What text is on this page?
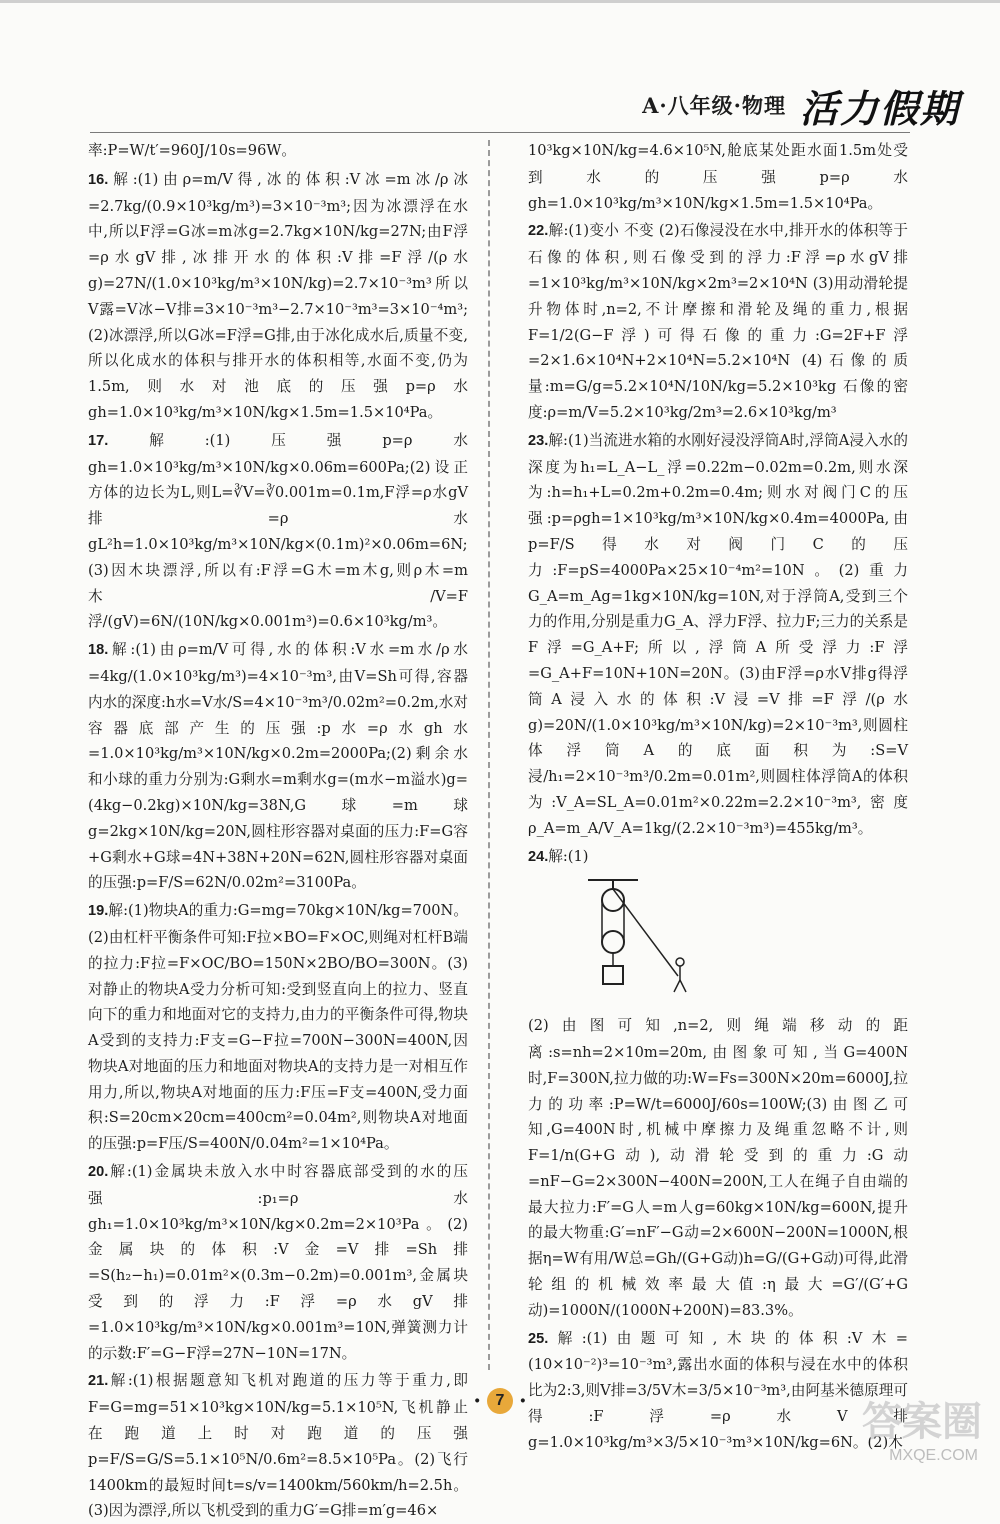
A·八年级·物理 活力假期

率:P=W/t′=960J/10s=96W。

16.解:(1)由ρ=m/V得,冰的体积:V冰=m冰/ρ冰=2.7kg/(0.9×10³kg/m³)=3×10⁻³m³;因为冰漂浮在水中,所以F浮=G冰=m冰g=2.7kg×10N/kg=27N;由F浮=ρ水gV排,冰排开水的体积:V排=F浮/(ρ水g)=27N/(1.0×10³kg/m³×10N/kg)=2.7×10⁻³m³所以V露=V冰−V排=3×10⁻³m³−2.7×10⁻³m³=3×10⁻⁴m³;(2)冰漂浮,所以G冰=F浮=G排,由于冰化成水后,质量不变,所以化成水的体积与排开水的体积相等,水面不变,仍为1.5m,则水对池底的压强p=ρ水gh=1.0×10³kg/m³×10N/kg×1.5m=1.5×10⁴Pa。

17.解:(1)压强p=ρ水gh=1.0×10³kg/m³×10N/kg×0.06m=600Pa;(2)设正方体的边长为L,则L=∛V=∛0.001m=0.1m,F浮=ρ水gV排=ρ水gL²h=1.0×10³kg/m³×10N/kg×(0.1m)²×0.06m=6N;(3)因木块漂浮,所以有:F浮=G木=m木g,则ρ木=m木/V=F浮/(gV)=6N/(10N/kg×0.001m³)=0.6×10³kg/m³。

18.解:(1)由ρ=m/V可得,水的体积:V水=m水/ρ水=4kg/(1.0×10³kg/m³)=4×10⁻³m³,由V=Sh可得,容器内水的深度:h水=V水/S=4×10⁻³m³/0.02m²=0.2m,水对容器底部产生的压强:p水=ρ水gh水=1.0×10³kg/m³×10N/kg×0.2m=2000Pa;(2)剩余水和小球的重力分别为:G剩水=m剩水g=(m水−m溢水)g=(4kg−0.2kg)×10N/kg=38N,G球=m球g=2kg×10N/kg=20N,圆柱形容器对桌面的压力:F=G容+G剩水+G球=4N+38N+20N=62N,圆柱形容器对桌面的压强:p=F/S=62N/0.02m²=3100Pa。

19.解:(1)物块A的重力:G=mg=70kg×10N/kg=700N。(2)由杠杆平衡条件可知:F拉×BO=F×OC,则绳对杠杆B端的拉力:F拉=F×OC/BO=150N×2BO/BO=300N。(3)对静止的物块A受力分析可知:受到竖直向上的拉力、竖直向下的重力和地面对它的支持力,由力的平衡条件可得,物块A受到的支持力:F支=G−F拉=700N−300N=400N,因物块A对地面的压力和地面对物块A的支持力是一对相互作用力,所以,物块A对地面的压力:F压=F支=400N,受力面积:S=20cm×20cm=400cm²=0.04m²,则物块A对地面的压强:p=F压/S=400N/0.04m²=1×10⁴Pa。

20.解:(1)金属块未放入水中时容器底部受到的水的压强:p₁=ρ水gh₁=1.0×10³kg/m³×10N/kg×0.2m=2×10³Pa。(2)金属块的体积:V金=V排=Sh排=S(h₂−h₁)=0.01m²×(0.3m−0.2m)=0.001m³,金属块受到的浮力:F浮=ρ水gV排=1.0×10³kg/m³×10N/kg×0.001m³=10N,弹簧测力计的示数:F′=G−F浮=27N−10N=17N。

21.解:(1)根据题意知飞机对跑道的压力等于重力,即F=G=mg=51×10³kg×10N/kg=5.1×10⁵N,飞机静止在跑道上时对跑道的压强p=F/S=G/S=5.1×10⁵N/0.6m²=8.5×10⁵Pa。(2)飞行1400km的最短时间t=s/v=1400km/560km/h=2.5h。(3)因为漂浮,所以飞机受到的重力G′=G排=m′g=46×

10³kg×10N/kg=4.6×10⁵N,舱底某处距水面1.5m处受到水的压强p=ρ水gh=1.0×10³kg/m³×10N/kg×1.5m=1.5×10⁴Pa。

22.解:(1)变小 不变 (2)石像浸没在水中,排开水的体积等于石像的体积,则石像受到的浮力:F浮=ρ水gV排=1×10³kg/m³×10N/kg×2m³=2×10⁴N (3)用动滑轮提升物体时,n=2,不计摩擦和滑轮及绳的重力,根据F=1/2(G−F浮)可得石像的重力:G=2F+F浮=2×1.6×10⁴N+2×10⁴N=5.2×10⁴N (4)石像的质量:m=G/g=5.2×10⁴N/10N/kg=5.2×10³kg 石像的密度:ρ=m/V=5.2×10³kg/2m³=2.6×10³kg/m³

23.解:(1)当流进水箱的水刚好浸没浮筒A时,浮筒A浸入水的深度为h₁=L_A−L_浮=0.22m−0.02m=0.2m,则水深为:h=h₁+L=0.2m+0.2m=0.4m;则水对阀门C的压强:p=ρgh=1×10³kg/m³×10N/kg×0.4m=4000Pa,由p=F/S得水对阀门C的压力:F=pS=4000Pa×25×10⁻⁴m²=10N。(2)重力G_A=m_Ag=1kg×10N/kg=10N,对于浮筒A,受到三个力的作用,分别是重力G_A、浮力F浮、拉力F;三力的关系是F浮=G_A+F;所以,浮筒A所受浮力:F浮=G_A+F=10N+10N=20N。(3)由F浮=ρ水V排g得浮筒A浸入水的体积:V浸=V排=F浮/(ρ水g)=20N/(1.0×10³kg/m³×10N/kg)=2×10⁻³m³,则圆柱体浮筒A的底面积为:S=V浸/h₁=2×10⁻³m³/0.2m=0.01m²,则圆柱体浮筒A的体积为:V_A=SL_A=0.01m²×0.22m=2.2×10⁻³m³,密度ρ_A=m_A/V_A=1kg/(2.2×10⁻³m³)=455kg/m³。

24.解:(1)

(2)由图可知,n=2,则绳端移动的距离:s=nh=2×10m=20m,由图象可知,当G=400N时,F=300N,拉力做的功:W=Fs=300N×20m=6000J,拉力的功率:P=W/t=6000J/60s=100W;(3)由图乙可知,G=400N时,机械中摩擦力及绳重忽略不计,则F=1/n(G+G动),动滑轮受到的重力:G动=nF−G=2×300N−400N=200N,工人在绳子自由端的最大拉力:F′=G人=m人g=60kg×10N/kg=600N,提升的最大物重:G′=nF′−G动=2×600N−200N=1000N,根据η=W有用/W总=Gh/(G+G动)h=G/(G+G动)可得,此滑轮组的机械效率最大值:η最大=G′/(G′+G动)=1000N/(1000N+200N)=83.3%。

25.解:(1)由题可知,木块的体积:V木=(10×10⁻²)³=10⁻³m³,露出水面的体积与浸在水中的体积比为2:3,则V排=3/5V木=3/5×10⁻³m³,由阿基米德原理可得:F浮=ρ水V排g=1.0×10³kg/m³×3/5×10⁻³m³×10N/kg=6N。(2)木

· 7 ·	答案圈
MXQE.COM
